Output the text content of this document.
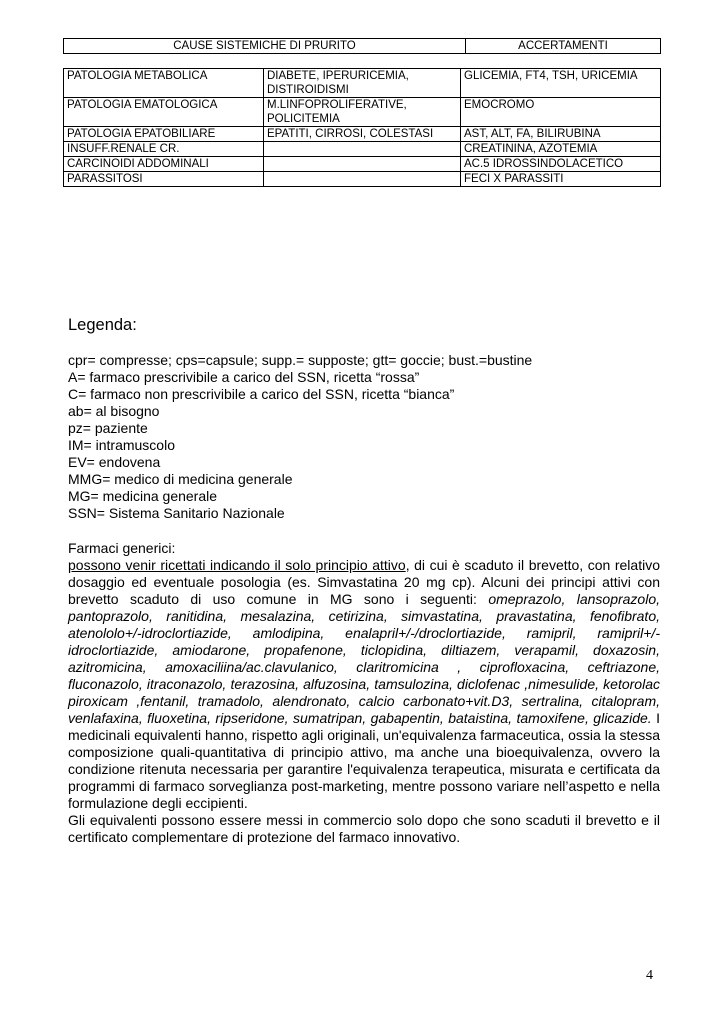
CAUSE SISTEMICHE DI PRURITO	ACCERTAMENTI
PATOLOGIA METABOLICA	DIABETE, IPERURICEMIA, DISTIROIDISMI	GLICEMIA, FT4, TSH, URICEMIA
PATOLOGIA EMATOLOGICA	M.LINFOPROLIFERATIVE, POLICITEMIA	EMOCROMO
PATOLOGIA EPATOBILIARE	EPATITI, CIRROSI, COLESTASI	AST, ALT, FA, BILIRUBINA
INSUFF.RENALE CR.		CREATININA, AZOTEMIA
CARCINOIDI ADDOMINALI		AC.5 IDROSSINDOLACETICO
PARASSITOSI		FECI X PARASSITI
Legenda:
cpr= compresse; cps=capsule; supp.= supposte; gtt= goccie; bust.=bustine
A= farmaco prescrivibile a carico del SSN, ricetta “rossa”
C= farmaco non prescrivibile a carico del SSN, ricetta “bianca”
ab= al bisogno
pz= paziente
IM= intramuscolo
EV= endovena
MMG= medico di medicina generale
MG= medicina generale
SSN= Sistema Sanitario Nazionale
Farmaci generici:

possono venir ricettati indicando il solo principio attivo, di cui è scaduto il brevetto, con relativo dosaggio ed eventuale posologia (es. Simvastatina 20 mg cp). Alcuni dei principi attivi con brevetto scaduto di uso comune in MG sono i seguenti: omeprazolo, lansoprazolo, pantoprazolo, ranitidina, mesalazina, cetirizina, simvastatina, pravastatina, fenofibrato, atenololo+/-idroclortiazide, amlodipina, enalapril+/-/droclortiazide, ramipril, ramipril+/-idroclortiazide, amiodarone, propafenone, ticlopidina, diltiazem, verapamil, doxazosin, azitromicina, amoxaciliina/ac.clavulanico, claritromicina , ciprofloxacina, ceftriazone, fluconazolo, itraconazolo, terazosina, alfuzosina, tamsulozina, diclofenac ,nimesulide, ketorolac piroxicam ,fentanil, tramadolo, alendronato, calcio carbonato+vit.D3, sertralina, citalopram, venlafaxina, fluoxetina, ripseridone, sumatripan, gabapentin, bataistina, tamoxifene, glicazide. I medicinali equivalenti hanno, rispetto agli originali, un'equivalenza farmaceutica, ossia la stessa composizione quali-quantitativa di principio attivo, ma anche una bioequivalenza, ovvero la condizione ritenuta necessaria per garantire l'equivalenza terapeutica, misurata e certificata da programmi di farmaco sorveglianza post-marketing, mentre possono variare nell’aspetto e nella formulazione degli eccipienti.

Gli equivalenti possono essere messi in commercio solo dopo che sono scaduti il brevetto e il certificato complementare di protezione del farmaco innovativo.

4
